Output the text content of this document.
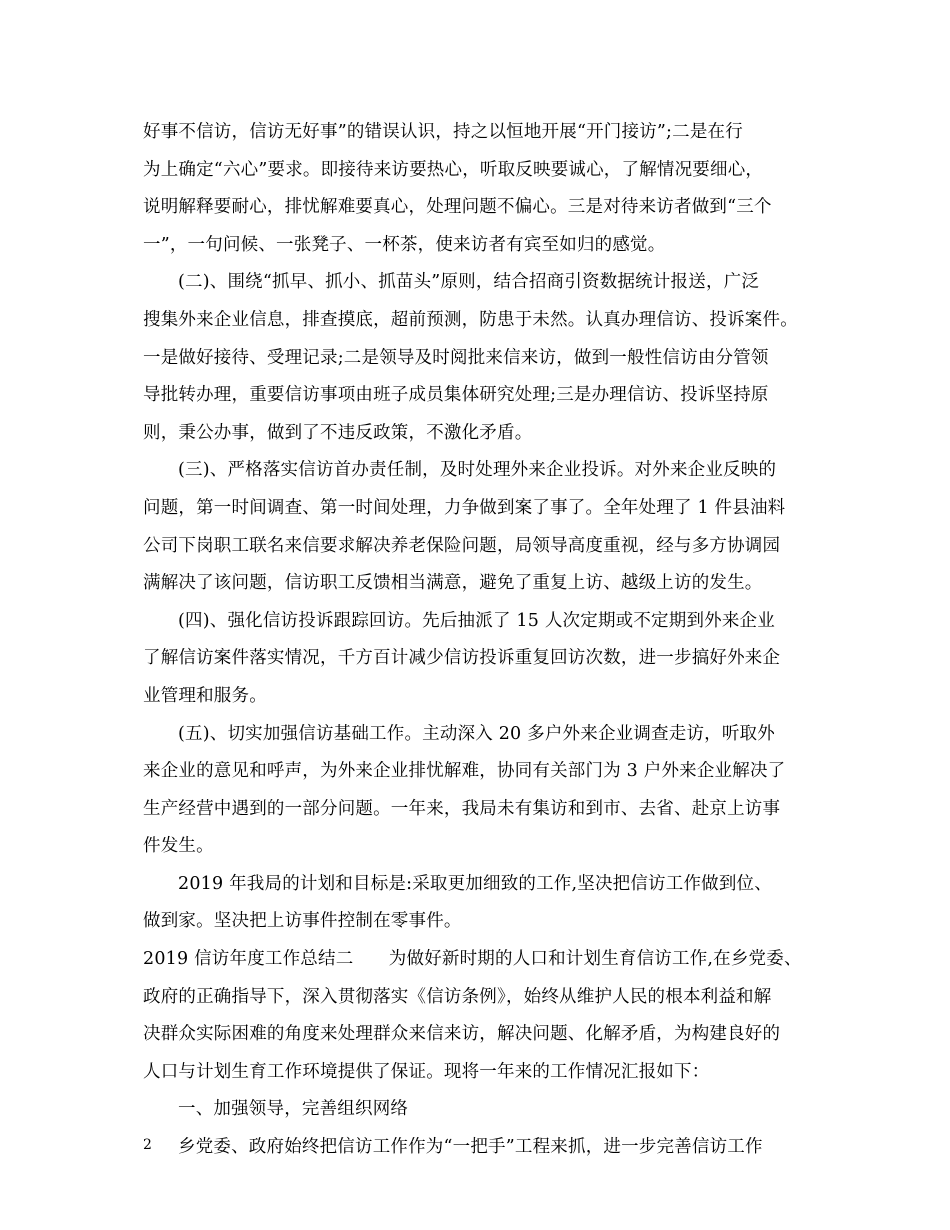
好事不信访，信访无好事”的错误认识，持之以恒地开展“开门接访”;二是在行
为上确定“六心”要求。即接待来访要热心，听取反映要诚心，了解情况要细心，
说明解释要耐心，排忧解难要真心，处理问题不偏心。三是对待来访者做到“三个
一”，一句问候、一张凳子、一杯茶，使来访者有宾至如归的感觉。
(二)、围绕“抓早、抓小、抓苗头”原则，结合招商引资数据统计报送，广泛
搜集外来企业信息，排查摸底，超前预测，防患于未然。认真办理信访、投诉案件。
一是做好接待、受理记录;二是领导及时阅批来信来访，做到一般性信访由分管领
导批转办理，重要信访事项由班子成员集体研究处理;三是办理信访、投诉坚持原
则，秉公办事，做到了不违反政策，不激化矛盾。
(三)、严格落实信访首办责任制，及时处理外来企业投诉。对外来企业反映的
问题，第一时间调查、第一时间处理，力争做到案了事了。全年处理了 1 件县油料
公司下岗职工联名来信要求解决养老保险问题，局领导高度重视，经与多方协调园
满解决了该问题，信访职工反馈相当满意，避免了重复上访、越级上访的发生。
(四)、强化信访投诉跟踪回访。先后抽派了 15 人次定期或不定期到外来企业
了解信访案件落实情况，千方百计减少信访投诉重复回访次数，进一步搞好外来企
业管理和服务。
(五)、切实加强信访基础工作。主动深入 20 多户外来企业调查走访，听取外
来企业的意见和呼声，为外来企业排忧解难，协同有关部门为 3 户外来企业解决了
生产经营中遇到的一部分问题。一年来，我局未有集访和到市、去省、赴京上访事
件发生。
2019 年我局的计划和目标是:采取更加细致的工作,坚决把信访工作做到位、
做到家。坚决把上访事件控制在零事件。
2019 信访年度工作总结二　　为做好新时期的人口和计划生育信访工作,在乡党委、
政府的正确指导下，深入贯彻落实《信访条例》，始终从维护人民的根本利益和解
决群众实际困难的角度来处理群众来信来访，解决问题、化解矛盾，为构建良好的
人口与计划生育工作环境提供了保证。现将一年来的工作情况汇报如下：
一、加强领导，完善组织网络
乡党委、政府始终把信访工作作为“一把手”工程来抓，进一步完善信访工作
2
